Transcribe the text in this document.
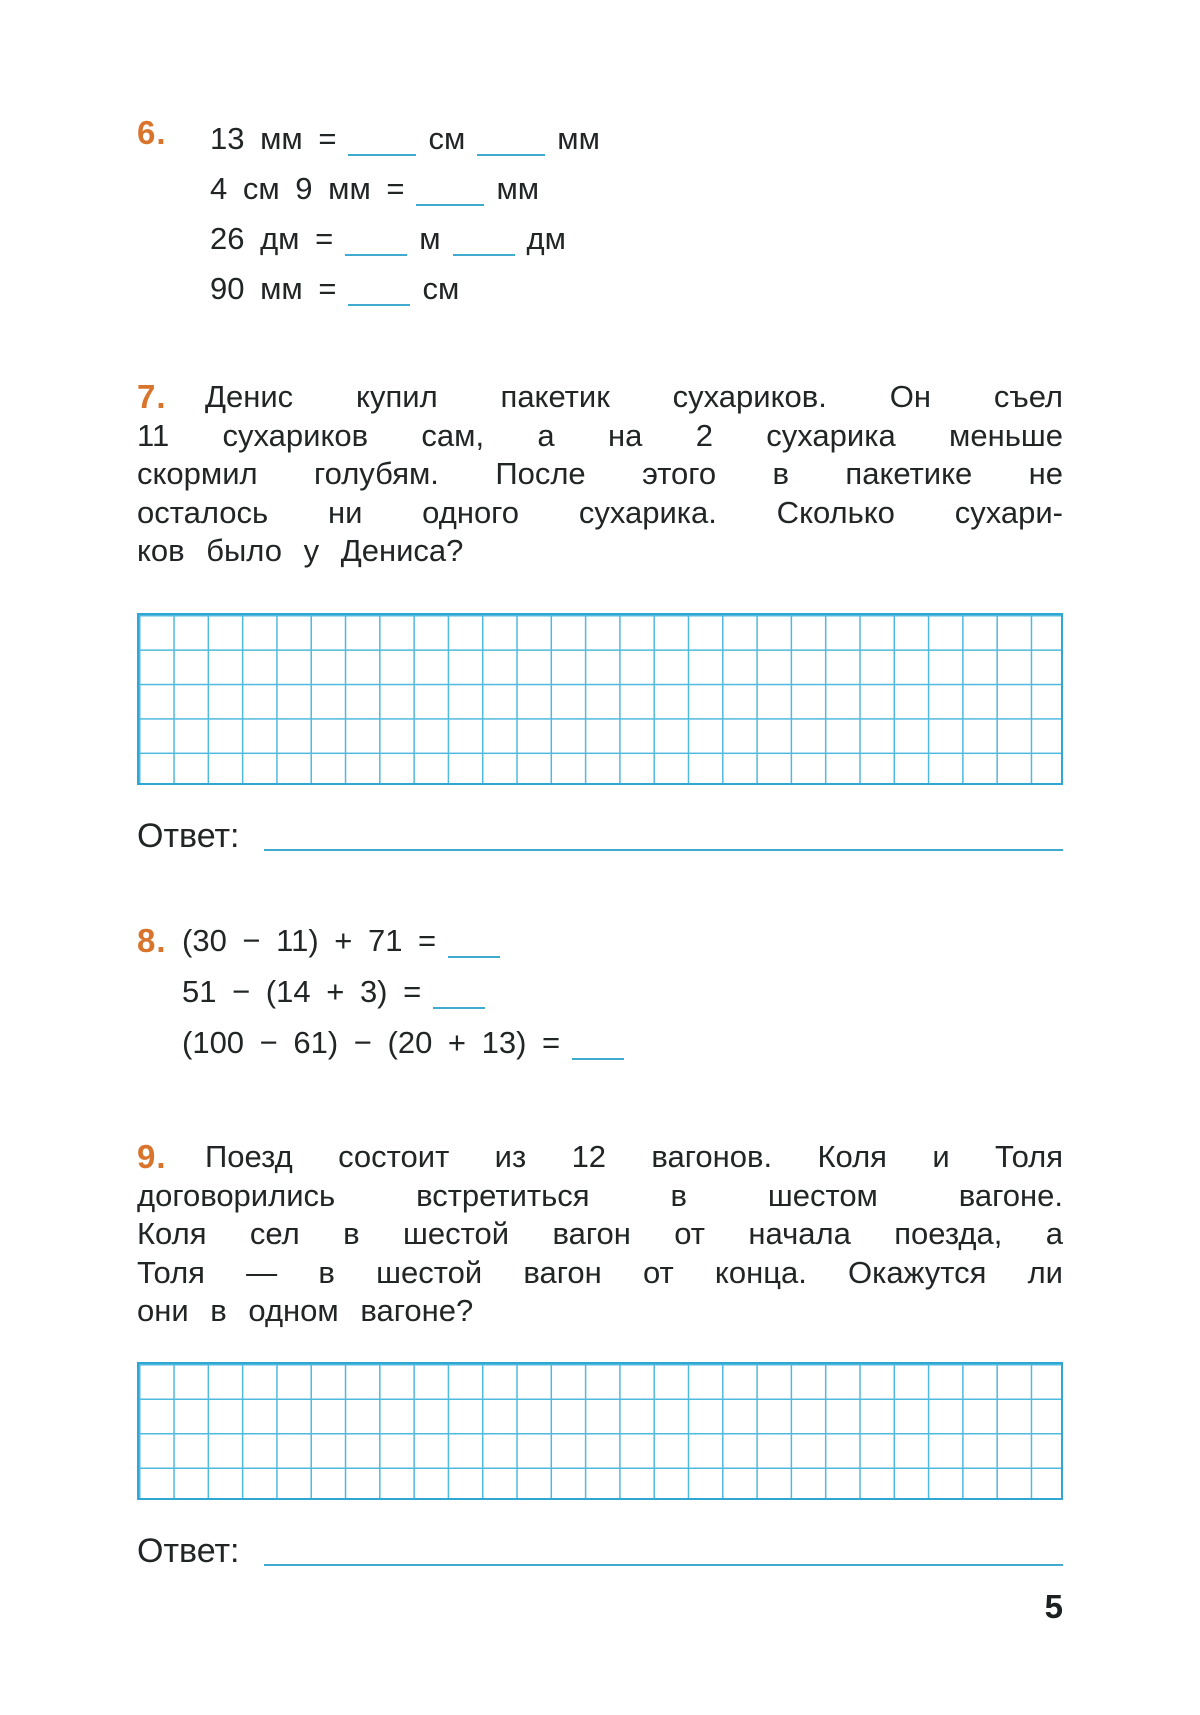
6. 13 мм =	см	мм
4 см 9 мм =	мм
26 дм =	м	дм
90 мм =	см
7.	Денис купил пакетик сухариков. Он съел
11 сухариков сам, а на 2 сухарика меньше
скормил голубям. После этого в пакетике не
осталось ни одного сухарика. Сколько сухари-
ков было у Дениса?
Ответ:
8. (30 − 11) + 71 =
51 − (14 + 3) =
(100 − 61) − (20 + 13) =
9.	Поезд состоит из 12 вагонов. Коля и Толя
договорились встретиться в шестом вагоне.
Коля сел в шестой вагон от начала поезда, а
Толя — в шестой вагон от конца. Окажутся ли
они в одном вагоне?
Ответ:
5
